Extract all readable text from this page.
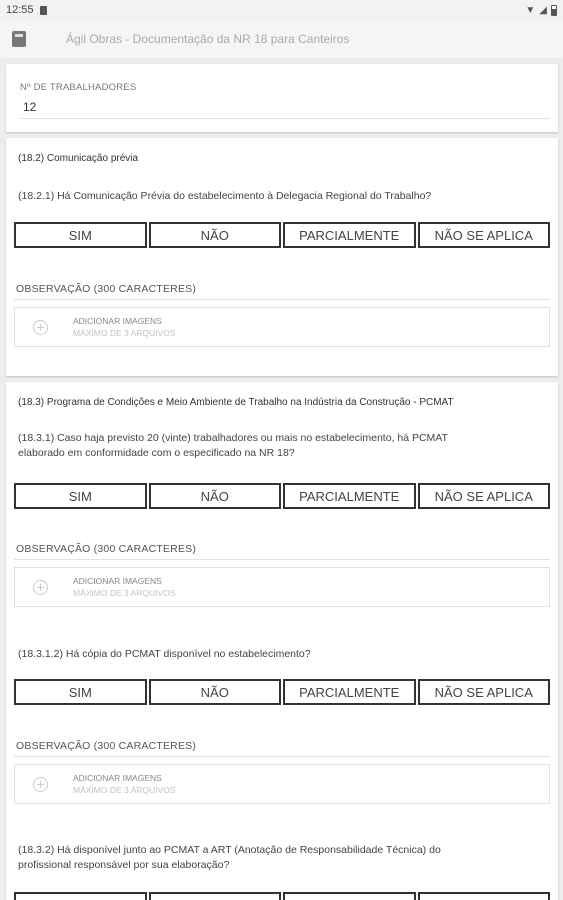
12:55	▼ ◢
Ágil Obras - Documentação da NR 18 para Canteiros
Nº DE TRABALHADORES
12
(18.2) Comunicação prévia
(18.2.1) Há Comunicação Prévia do estabelecimento à Delegacia Regional do Trabalho?
SIM	NÃO	PARCIALMENTE	NÃO SE APLICA
OBSERVAÇÃO (300 CARACTERES)
ADICIONAR IMAGENS
MÁXIMO DE 3 ARQUIVOS
(18.3) Programa de Condições e Meio Ambiente de Trabalho na Indústria da Construção - PCMAT
(18.3.1) Caso haja previsto 20 (vinte) trabalhadores ou mais no estabelecimento, há PCMAT
elaborado em conformidade com o especificado na NR 18?
SIM	NÃO	PARCIALMENTE	NÃO SE APLICA
OBSERVAÇÃO (300 CARACTERES)
ADICIONAR IMAGENS
MÁXIMO DE 3 ARQUIVOS
(18.3.1.2) Há cópia do PCMAT disponível no estabelecimento?
SIM	NÃO	PARCIALMENTE	NÃO SE APLICA
OBSERVAÇÃO (300 CARACTERES)
ADICIONAR IMAGENS
MÁXIMO DE 3 ARQUIVOS
(18.3.2) Há disponível junto ao PCMAT a ART (Anotação de Responsabilidade Técnica) do
profissional responsável por sua elaboração?
